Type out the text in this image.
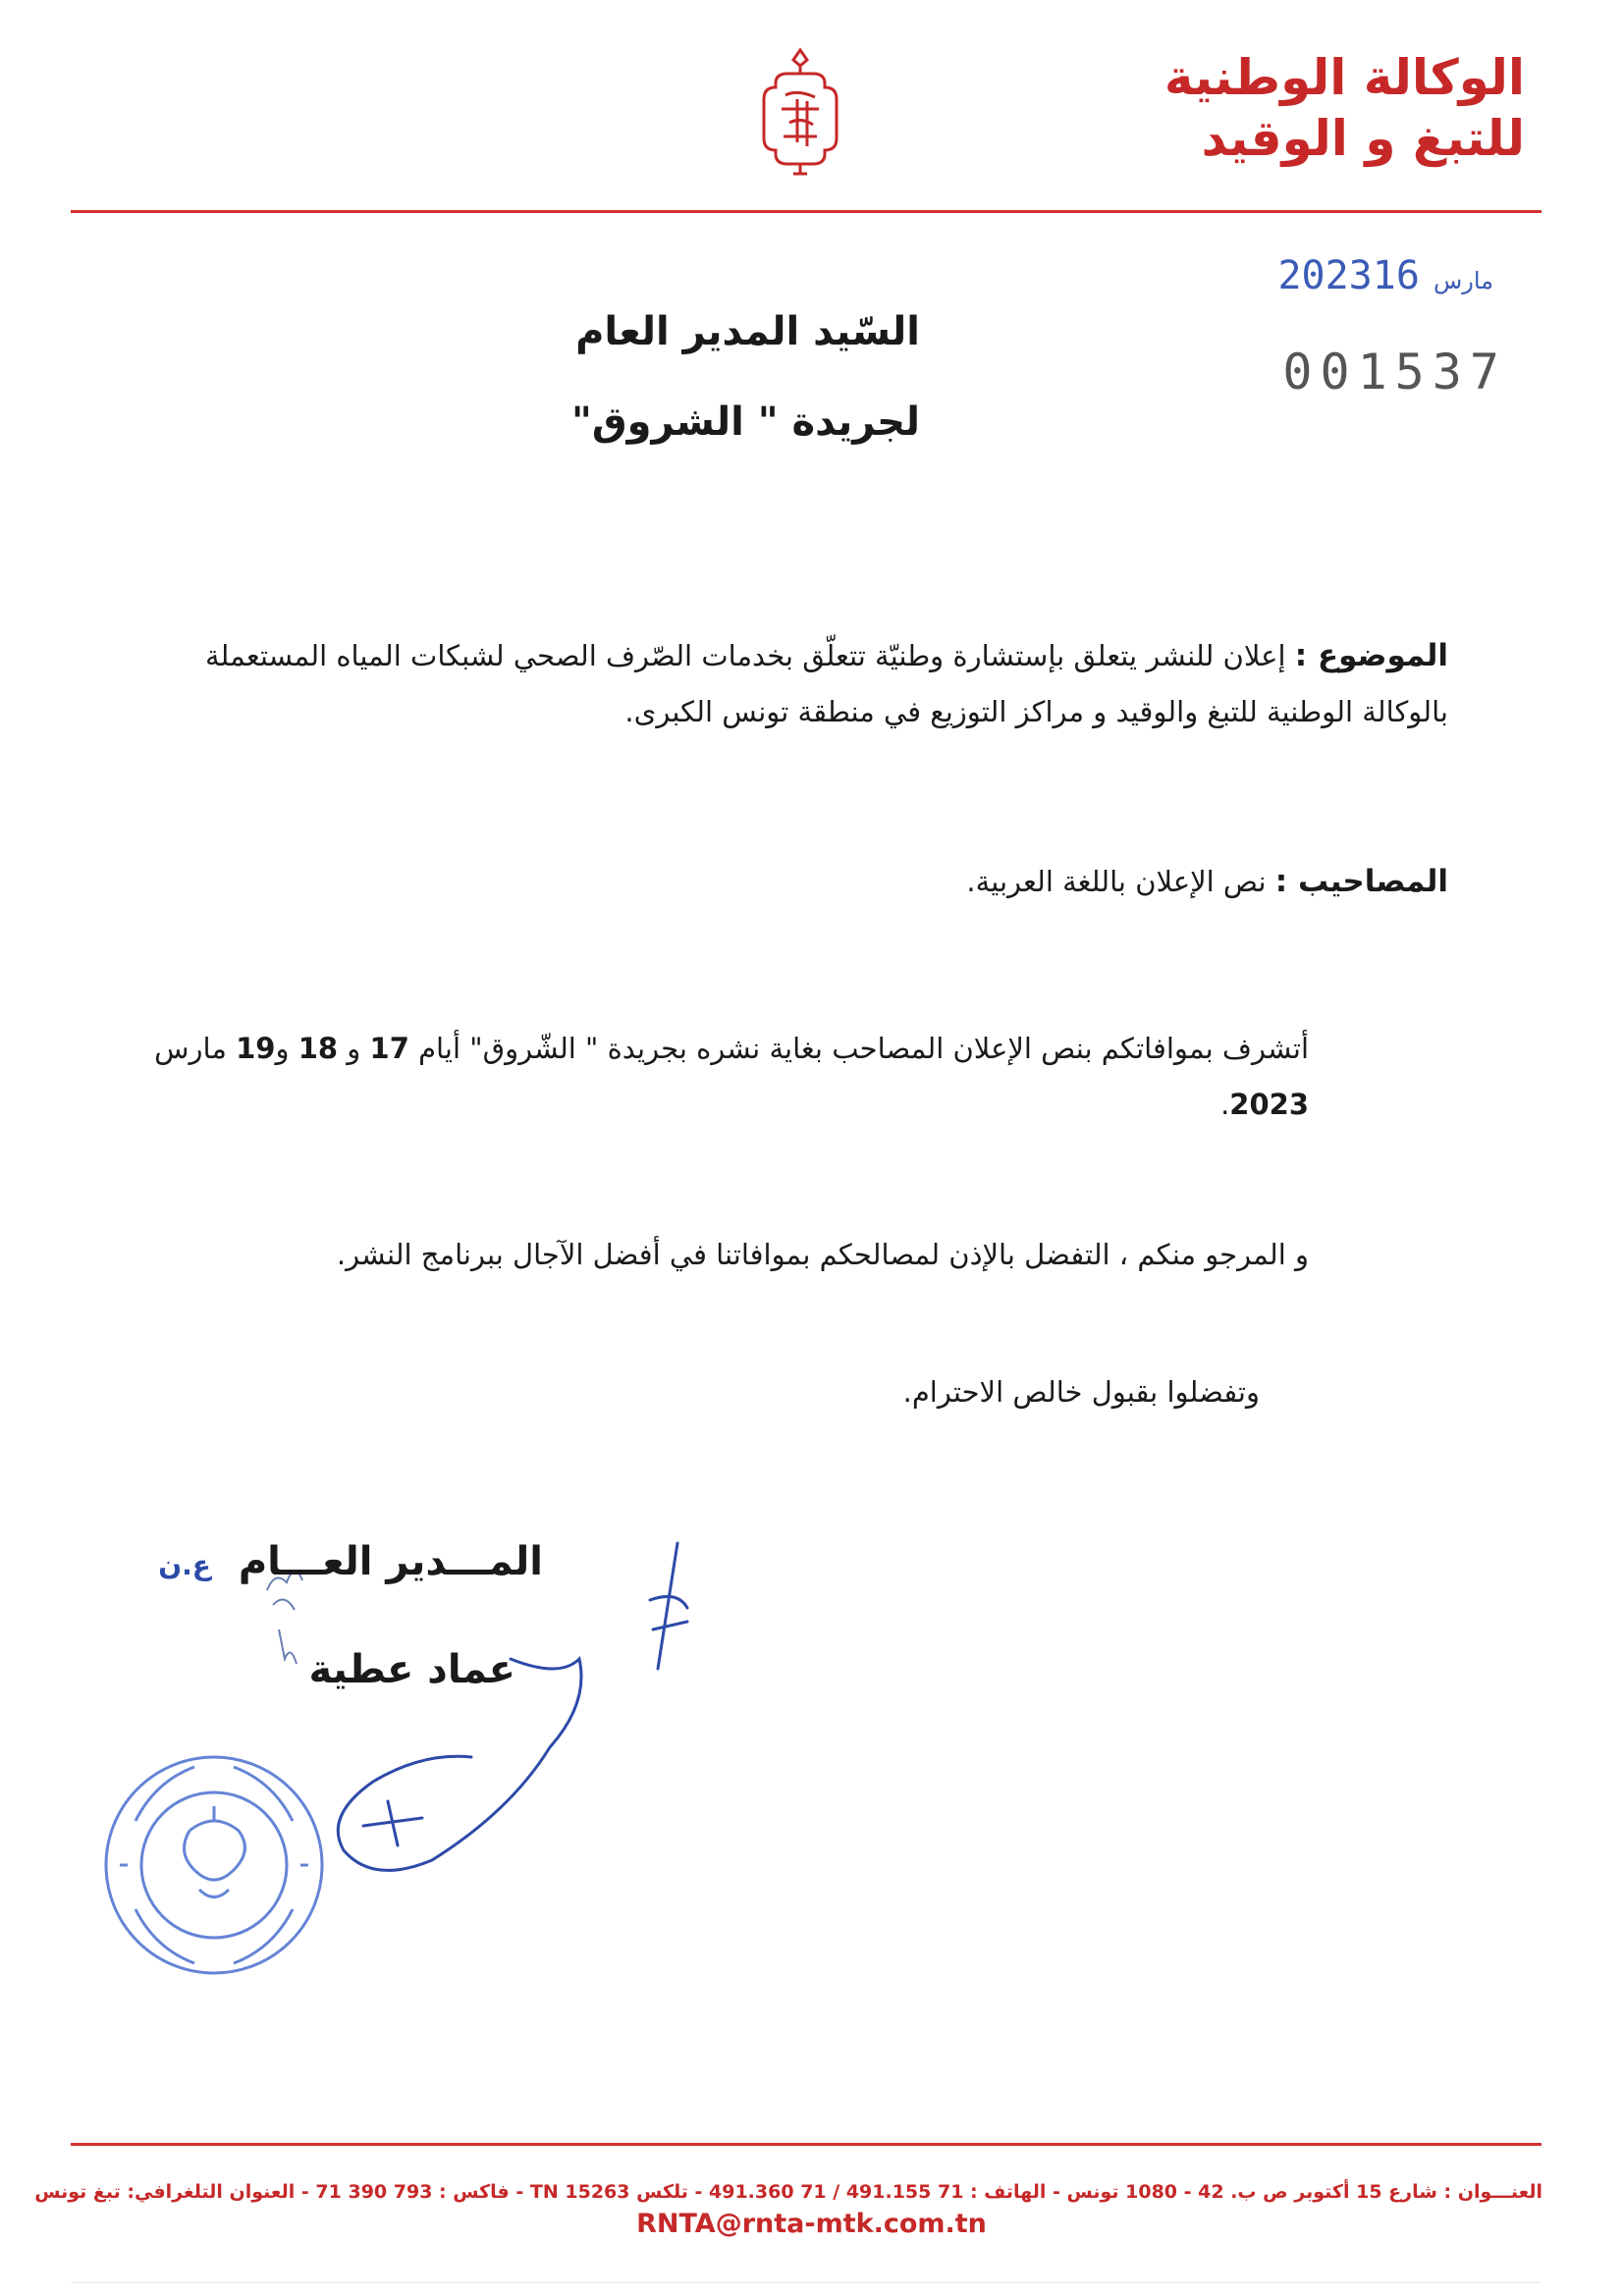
الوكالة الوطنية
للتبغ و الوقيد
2023	مارس16
001537
السّيد المدير العام
لجريدة " الشروق"
الموضوع : إعلان للنشر يتعلق بإستشارة وطنيّة تتعلّق بخدمات الصّرف الصحي لشبكات المياه المستعملة بالوكالة الوطنية للتبغ والوقيد و مراكز التوزيع في منطقة تونس الكبرى.
المصاحيب : نص الإعلان باللغة العربية.
أتشرف بموافاتكم بنص الإعلان المصاحب بغاية نشره بجريدة " الشّروق" أيام 17 و 18 و19 مارس 2023.
و المرجو منكم ، التفضل بالإذن لمصالحكم بموافاتنا في أفضل الآجال ببرنامج النشر.
وتفضلوا بقبول خالص الاحترام.
المـــدير العـــام ع.ن
عماد عطية
العنـــوان : شارع 15 أكتوبر ص ب. 42 - 1080 تونس - الهاتف : 71 491.155 / 71 491.360 - تلكس 15263 TN - فاكس : 793 390 71 - العنوان التلغرافي: تبغ تونس
RNTA@rnta-mtk.com.tn
